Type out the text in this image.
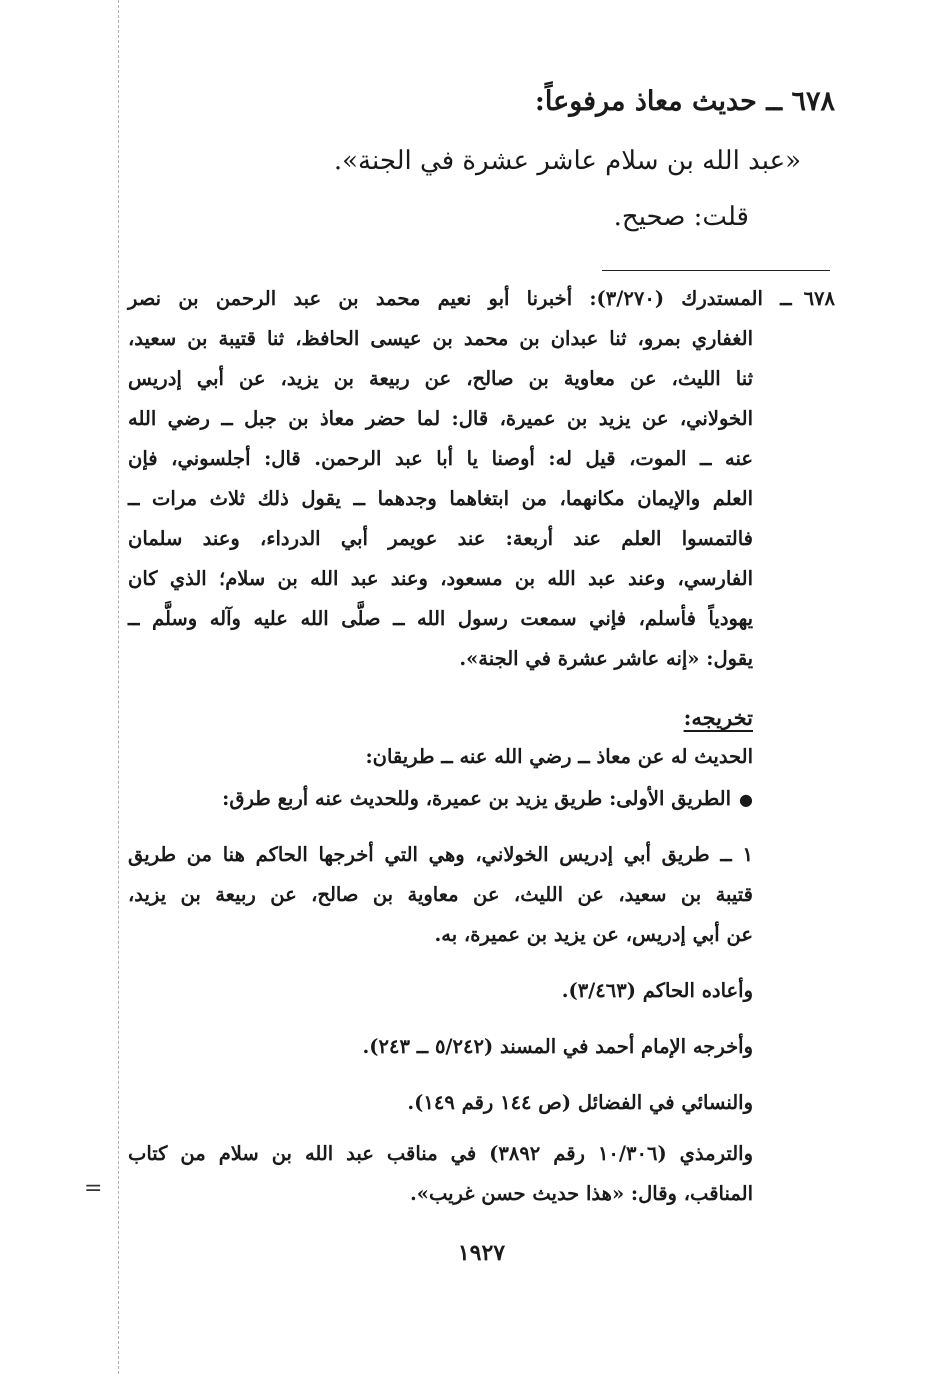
=
٦٧٨ ــ حديث معاذ مرفوعاً:
«عبد الله بن سلام عاشر عشرة في الجنة».
قلت: صحيح.
٦٧٨ــ المستدرك (٣/٢٧٠): أخبرنا أبو نعيم محمد بن عبد الرحمن بن نصر
الغفاري بمرو، ثنا عبدان بن محمد بن عيسى الحافظ، ثنا قتيبة بن سعيد،
ثنا الليث، عن معاوية بن صالح، عن ربيعة بن يزيد، عن أبي إدريس
الخولاني، عن يزيد بن عميرة، قال: لما حضر معاذ بن جبل ــ رضي الله
عنه ــ الموت، قيل له: أوصنا يا أبا عبد الرحمن. قال: أجلسوني، فإن
العلم والإيمان مكانهما، من ابتغاهما وجدهما ــ يقول ذلك ثلاث مرات ــ
فالتمسوا العلم عند أربعة: عند عويمر أبي الدرداء، وعند سلمان
الفارسي، وعند عبد الله بن مسعود، وعند عبد الله بن سلام؛ الذي كان
يهودياً فأسلم، فإني سمعت رسول الله ــ صلَّى الله عليه وآله وسلَّم ــ
يقول: «إنه عاشر عشرة في الجنة».
تخريجه:
الحديث له عن معاذ ــ رضي الله عنه ــ طريقان:
●الطريق الأولى: طريق يزيد بن عميرة، وللحديث عنه أربع طرق:
١ ــ طريق أبي إدريس الخولاني، وهي التي أخرجها الحاكم هنا من طريق
قتيبة بن سعيد، عن الليث، عن معاوية بن صالح، عن ربيعة بن يزيد،
عن أبي إدريس، عن يزيد بن عميرة، به.
وأعاده الحاكم (٣/٤٦٣).
وأخرجه الإمام أحمد في المسند (٥/٢٤٢ ــ ٢٤٣).
والنسائي في الفضائل (ص ١٤٤ رقم ١٤٩).
والترمذي (١٠/٣٠٦ رقم ٣٨٩٢) في مناقب عبد الله بن سلام من كتاب
المناقب، وقال: «هذا حديث حسن غريب».
١٩٢٧
